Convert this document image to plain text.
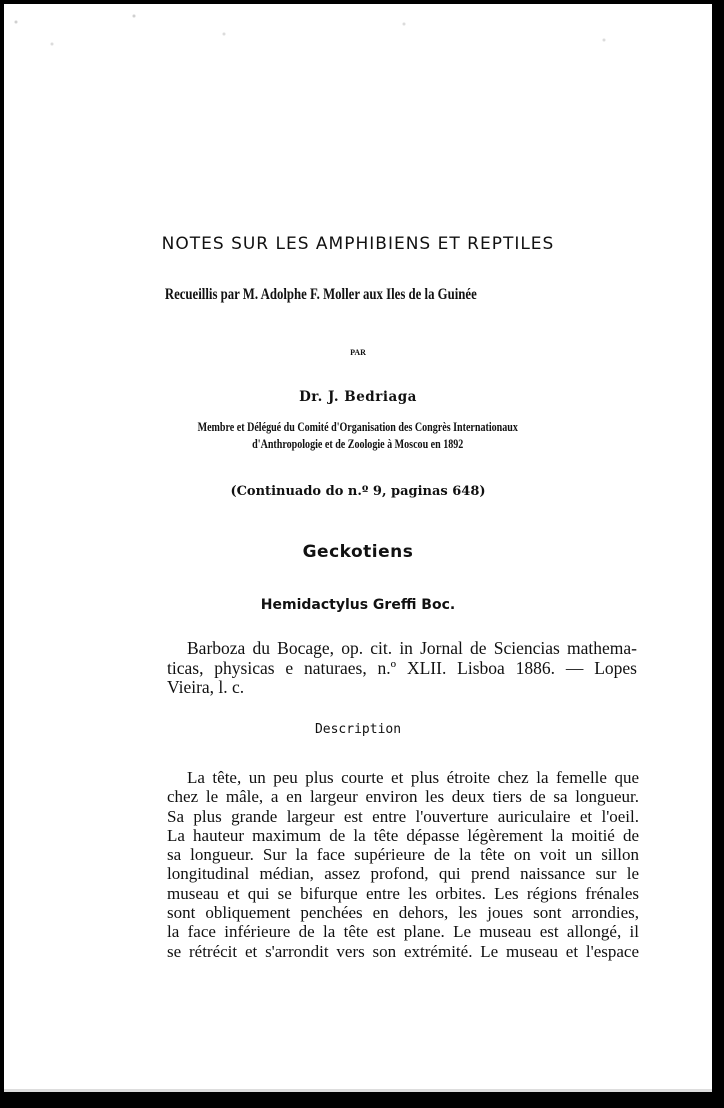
NOTES SUR LES AMPHIBIENS ET REPTILES
Recueillis par M. Adolphe F. Moller aux Iles de la Guinée
PAR
Dr. J. Bedriaga
Membre et Délégué du Comité d'Organisation des Congrès Internationaux
d'Anthropologie et de Zoologie à Moscou en 1892
(Continuado do n.º 9, paginas 648)
Geckotiens
Hemidactylus Greffi Boc.
Barboza du Bocage, op. cit. in Jornal de Sciencias mathema-
ticas, physicas e naturaes, n.º XLII. Lisboa 1886. — Lopes
Vieira, l. c.
Description
La tête, un peu plus courte et plus étroite chez la femelle que
chez le mâle, a en largeur environ les deux tiers de sa longueur.
Sa plus grande largeur est entre l'ouverture auriculaire et l'oeil.
La hauteur maximum de la tête dépasse légèrement la moitié de
sa longueur. Sur la face supérieure de la tête on voit un sillon
longitudinal médian, assez profond, qui prend naissance sur le
museau et qui se bifurque entre les orbites. Les régions frénales
sont obliquement penchées en dehors, les joues sont arrondies,
la face inférieure de la tête est plane. Le museau est allongé, il
se rétrécit et s'arrondit vers son extrémité. Le museau et l'espace
